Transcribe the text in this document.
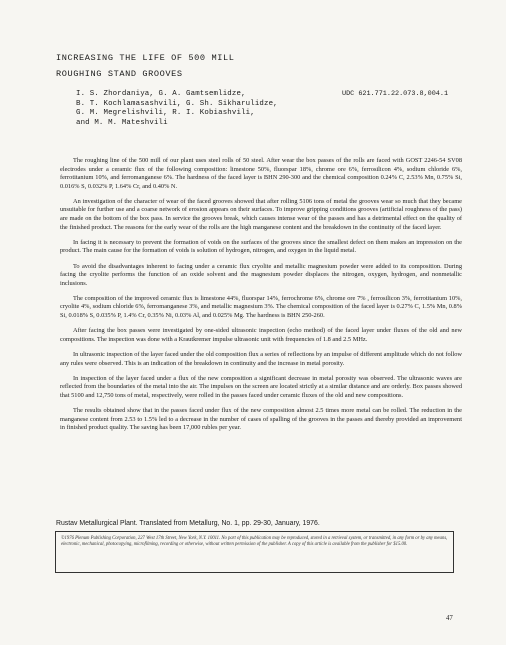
INCREASING THE LIFE OF 500 MILL
ROUGHING STAND GROOVES
I. S. Zhordaniya, G. A. Gamtsemlidze,
B. T. Kochlamasashvili, G. Sh. Sikharulidze,
G. M. Megrelishvili, R. I. Kobiashvili,
and M. M. Mateshvili
UDC 621.771.22.073.8,004.1

The roughing line of the 500 mill of our plant uses steel rolls of 50 steel. After wear the box passes of the rolls are faced with GOST 2246-54 SV08 electrodes under a ceramic flux of the following composition: limestone 50%, fluorspar 18%, chrome ore 6%, ferrosilicon 4%, sodium chloride 6%, ferrotitanium 10%, and ferromanganese 6%. The hardness of the faced layer is BHN 290-300 and the chemical composition 0.24% C, 2.53% Mn, 0.75% Si, 0.016% S, 0.032% P, 1.64% Cr, and 0.40% N.

An investigation of the character of wear of the faced grooves showed that after rolling 5106 tons of metal the grooves wear so much that they became unsuitable for further use and a coarse network of erosion appears on their surfaces. To improve gripping conditions grooves (artificial roughness of the pass) are made on the bottom of the box pass. In service the grooves break, which causes intense wear of the passes and has a detrimental effect on the quality of the finished product. The reasons for the early wear of the rolls are the high manganese content and the breakdown in the continuity of the faced layer.

In facing it is necessary to prevent the formation of voids on the surfaces of the grooves since the smallest defect on them makes an impression on the product. The main cause for the formation of voids is solution of hydrogen, nitrogen, and oxygen in the liquid metal.

To avoid the disadvantages inherent to facing under a ceramic flux cryolite and metallic magnesium powder were added to its composition. During facing the cryolite performs the function of an oxide solvent and the magnesium powder displaces the nitrogen, oxygen, hydrogen, and nonmetallic inclusions.

The composition of the improved ceramic flux is limestone 44%, fluorspar 14%, ferrochrome 6%, chrome ore 7% , ferrosilicon 3%, ferrotitanium 10%, cryolite 4%, sodium chloride 6%, ferromanganese 3%, and metallic magnesium 3%. The chemical composition of the faced layer is 0.27% C, 1.5% Mn, 0.8% Si, 0.018% S, 0.035% P, 1.4% Cr, 0.35% Ni, 0.03% Al, and 0.025% Mg. The hardness is BHN 250-260.

After facing the box passes were investigated by one-sided ultrasonic inspection (echo method) of the faced layer under fluxes of the old and new compositions. The inspection was done with a Krautkremer impulse ultrasonic unit with frequencies of 1.8 and 2.5 MHz.

In ultrasonic inspection of the layer faced under the old composition flux a series of reflections by an impulse of different amplitude which do not follow any rules were observed. This is an indication of the breakdown in continuity and the increase in metal porosity.

In inspection of the layer faced under a flux of the new composition a significant decrease in metal porosity was observed. The ultrasonic waves are reflected from the boundaries of the metal into the air. The impulses on the screen are located strictly at a similar distance and are orderly. Box passes showed that 5100 and 12,750 tons of metal, respectively, were rolled in the passes faced under ceramic fluxes of the old and new compositions.

The results obtained show that in the passes faced under flux of the new composition almost 2.5 times more metal can be rolled. The reduction in the manganese content from 2.53 to 1.5% led to a decrease in the number of cases of spalling of the grooves in the passes and thereby provided an improvement in finished product quality. The saving has been 17,000 rubles per year.

Rustav Metallurgical Plant. Translated from Metallurg, No. 1, pp. 29-30, January, 1976.
©1976 Plenum Publishing Corporation, 227 West 17th Street, New York, N.Y. 10011. No part of this publication may be reproduced, stored in a retrieval system, or transmitted, in any form or by any means, electronic, mechanical, photocopying, microfilming, recording or otherwise, without written permission of the publisher. A copy of this article is available from the publisher for $15.00.
47
